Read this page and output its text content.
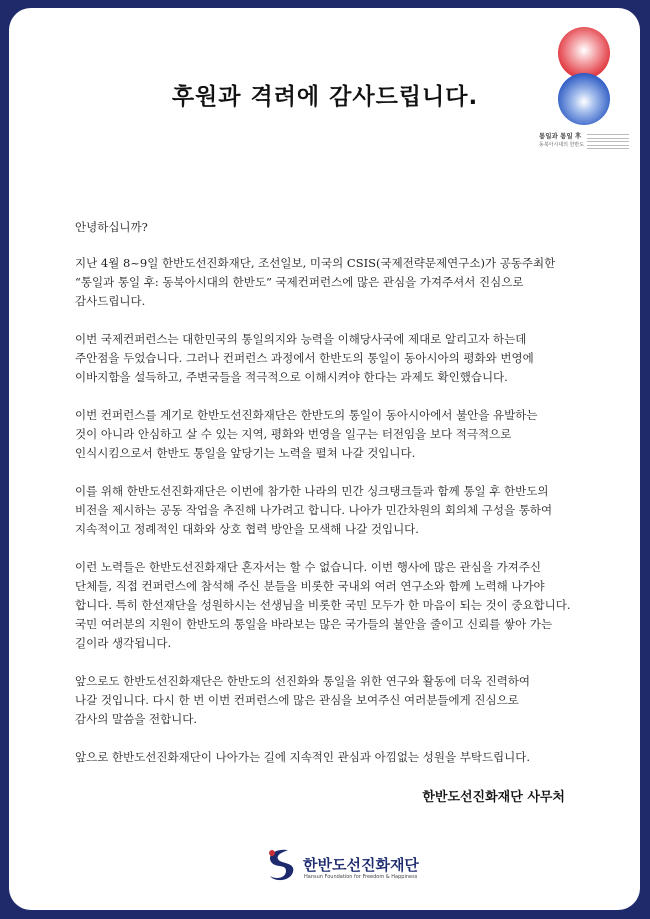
후원과 격려에 감사드립니다.
통일과 통일 후
동북아시대의 한반도

안녕하십니까?

지난 4월 8~9일 한반도선진화재단, 조선일보, 미국의 CSIS(국제전략문제연구소)가 공동주최한
“통일과 통일 후: 동북아시대의 한반도” 국제컨퍼런스에 많은 관심을 가져주셔서 진심으로
감사드립니다.

이번 국제컨퍼런스는 대한민국의 통일의지와 능력을 이해당사국에 제대로 알리고자 하는데
주안점을 두었습니다. 그러나 컨퍼런스 과정에서 한반도의 통일이 동아시아의 평화와 번영에
이바지함을 설득하고, 주변국들을 적극적으로 이해시켜야 한다는 과제도 확인했습니다.

이번 컨퍼런스를 계기로 한반도선진화재단은 한반도의 통일이 동아시아에서 불안을 유발하는
것이 아니라 안심하고 살 수 있는 지역, 평화와 번영을 일구는 터전임을 보다 적극적으로
인식시킴으로서 한반도 통일을 앞당기는 노력을 펼쳐 나갈 것입니다.

이를 위해 한반도선진화재단은 이번에 참가한 나라의 민간 싱크탱크들과 함께 통일 후 한반도의
비전을 제시하는 공동 작업을 추진해 나가려고 합니다. 나아가 민간차원의 회의체 구성을 통하여
지속적이고 정례적인 대화와 상호 협력 방안을 모색해 나갈 것입니다.

이런 노력들은 한반도선진화재단 혼자서는 할 수 없습니다. 이번 행사에 많은 관심을 가져주신
단체들, 직접 컨퍼런스에 참석해 주신 분들을 비롯한 국내외 여러 연구소와 함께 노력해 나가야
합니다. 특히 한선재단을 성원하시는 선생님을 비롯한 국민 모두가 한 마음이 되는 것이 중요합니다.
국민 여러분의 지원이 한반도의 통일을 바라보는 많은 국가들의 불안을 줄이고 신뢰를 쌓아 가는
길이라 생각됩니다.

앞으로도 한반도선진화재단은 한반도의 선진화와 통일을 위한 연구와 활동에 더욱 진력하여
나갈 것입니다. 다시 한 번 이번 컨퍼런스에 많은 관심을 보여주신 여러분들에게 진심으로
감사의 말씀을 전합니다.

앞으로 한반도선진화재단이 나아가는 길에 지속적인 관심과 아낌없는 성원을 부탁드립니다.

한반도선진화재단 사무처
한반도선진화재단
Hansun Foundation for Freedom & Happiness
